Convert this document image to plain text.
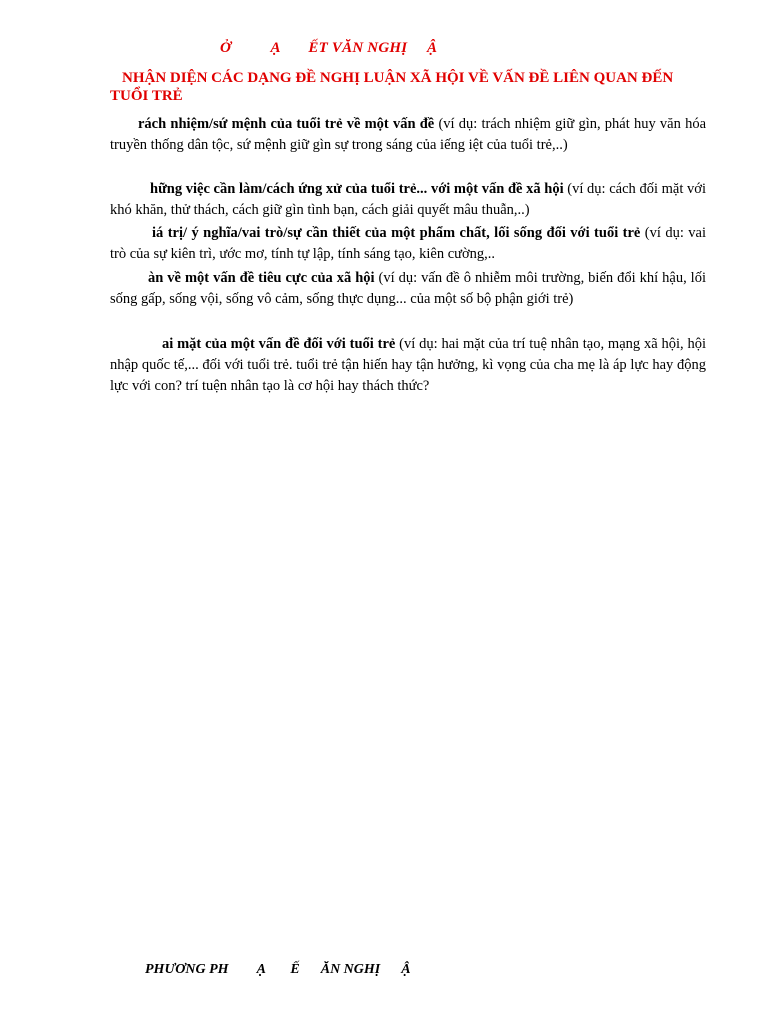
Ở          Ạ       ẾT VĂN NGHỊ     Ậ
NHẬN DIỆN CÁC DẠNG ĐỀ NGHỊ LUẬN XÃ HỘI VỀ VẤN ĐỀ LIÊN QUAN ĐẾN TUỔI TRẺ

rách nhiệm/sứ mệnh của tuổi trẻ về một vấn đề (ví dụ: trách nhiệm giữ gìn, phát huy văn hóa truyền thống dân tộc, sứ mệnh giữ gìn sự trong sáng của iếng iệt của tuổi trẻ,..)

hững việc cần làm/cách ứng xử của tuổi trẻ... với một vấn đề xã hội (ví dụ: cách đối mặt với khó khăn, thử thách, cách giữ gìn tình bạn, cách giải quyết mâu thuẫn,..)

iá trị/ ý nghĩa/vai trò/sự cần thiết của một phẩm chất, lối sống đối với tuổi trẻ (ví dụ: vai trò của sự kiên trì, ước mơ, tính tự lập, tính sáng tạo, kiên cường,..

àn về một vấn đề tiêu cực của xã hội (ví dụ: vấn đề ô nhiễm môi trường, biến đổi khí hậu, lối sống gấp, sống vội, sống vô cảm, sống thực dụng... của một số bộ phận giới trẻ)

ai mặt của một vấn đề đối với tuổi trẻ (ví dụ: hai mặt của trí tuệ nhân tạo, mạng xã hội, hội nhập quốc tế,... đối với tuổi trẻ. tuổi trẻ tận hiến hay tận hưởng, kì vọng của cha mẹ là áp lực hay động lực với con? trí tuện nhân tạo là cơ hội hay thách thức?

PHƯƠNG PH        Ạ       Ế      ĂN NGHỊ      Ậ
